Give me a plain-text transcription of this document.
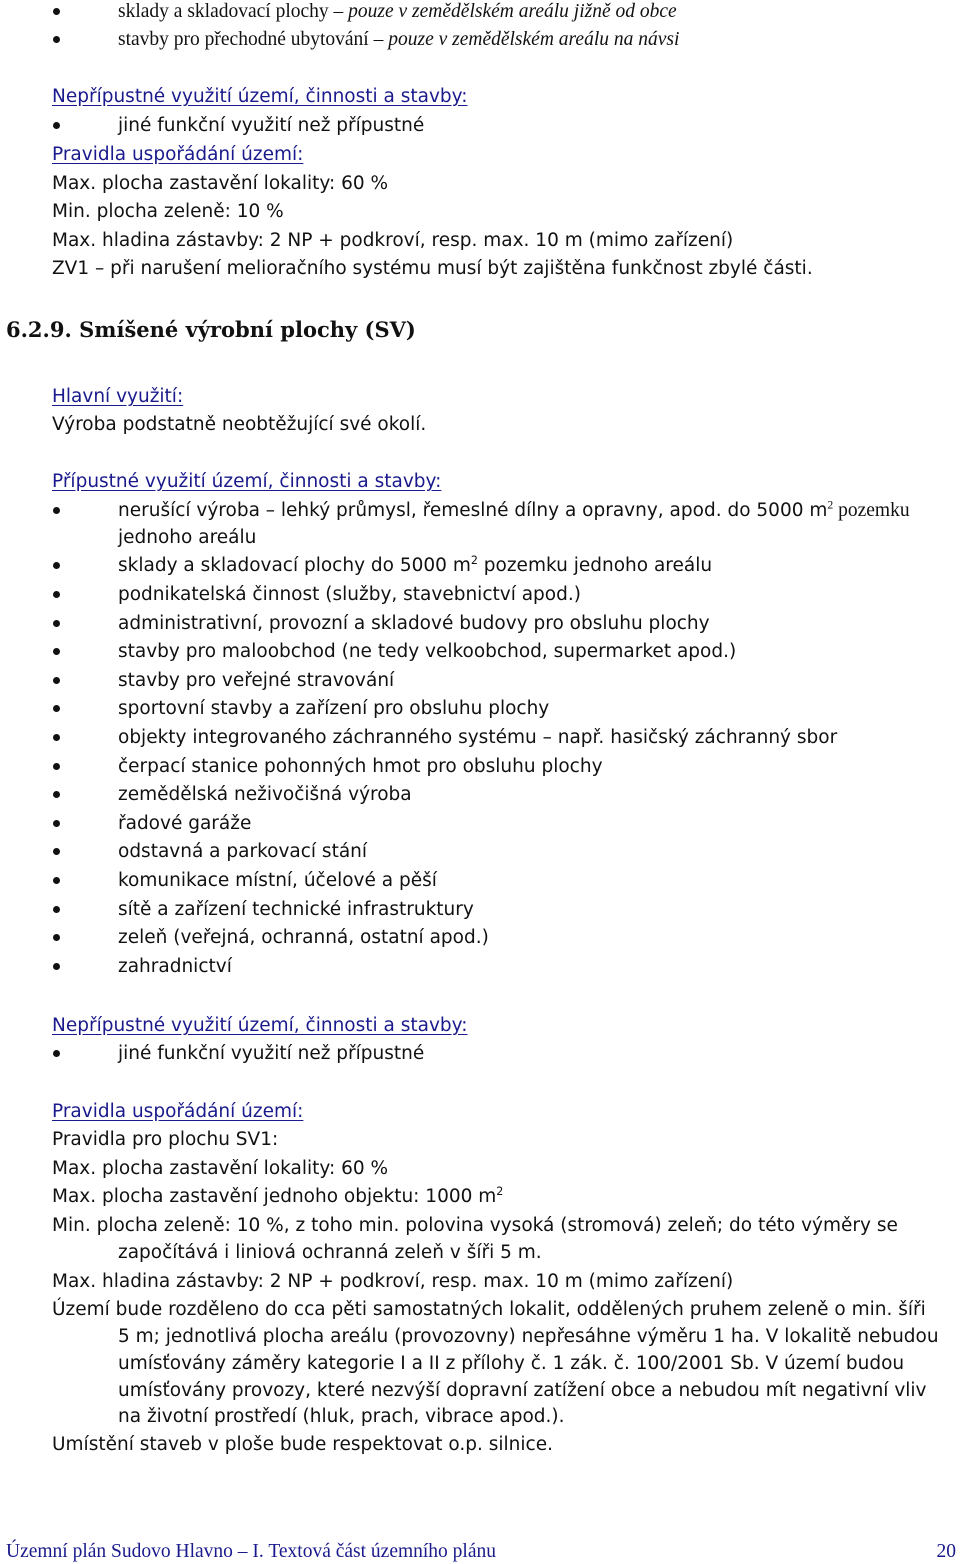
sklady a skladovací plochy – pouze v zemědělském areálu jižně od obce
stavby pro přechodné ubytování – pouze v zemědělském areálu na návsi
Nepřípustné využití území, činnosti a stavby:
jiné funkční využití než přípustné
Pravidla uspořádání území:
Max. plocha zastavění lokality: 60 %
Min. plocha zeleně: 10 %
Max. hladina zástavby: 2 NP + podkroví, resp. max. 10 m (mimo zařízení)
ZV1 – při narušení melioračního systému musí být zajištěna funkčnost zbylé části.
6.2.9. Smíšené výrobní plochy (SV)
Hlavní využití:
Výroba podstatně neobtěžující své okolí.
Přípustné využití území, činnosti a stavby:
nerušící výroba – lehký průmysl, řemeslné dílny a opravny, apod. do 5000 $m^2$ pozemku
jednoho areálu
sklady a skladovací plochy do 5000 $m^2$ pozemku jednoho areálu
podnikatelská činnost (služby, stavebnictví apod.)
administrativní, provozní a skladové budovy pro obsluhu plochy
stavby pro maloobchod (ne tedy velkoobchod, supermarket apod.)
stavby pro veřejné stravování
sportovní stavby a zařízení pro obsluhu plochy
objekty integrovaného záchranného systému – např. hasičský záchranný sbor
čerpací stanice pohonných hmot pro obsluhu plochy
zemědělská neživočišná výroba
řadové garáže
odstavná a parkovací stání
komunikace místní, účelové a pěší
sítě a zařízení technické infrastruktury
zeleň (veřejná, ochranná, ostatní apod.)
zahradnictví
Nepřípustné využití území, činnosti a stavby:
jiné funkční využití než přípustné
Pravidla uspořádání území:
Pravidla pro plochu SV1:
Max. plocha zastavění lokality: 60 %
Max. plocha zastavění jednoho objektu: 1000 $m^2$
Min. plocha zeleně: 10 %, z toho min. polovina vysoká (stromová) zeleň; do této výměry se
započítává i liniová ochranná zeleň v šíři 5 m.
Max. hladina zástavby: 2 NP + podkroví, resp. max. 10 m (mimo zařízení)
Území bude rozděleno do cca pěti samostatných lokalit, oddělených pruhem zeleně o min. šíři
5 m; jednotlivá plocha areálu (provozovny) nepřesáhne výměru 1 ha. V lokalitě nebudou
umísťovány záměry kategorie I a II z přílohy č. 1 zák. č. 100/2001 Sb. V území budou
umísťovány provozy, které nezvýší dopravní zatížení obce a nebudou mít negativní vliv
na životní prostředí (hluk, prach, vibrace apod.).
Umístění staveb v ploše bude respektovat o.p. silnice.
Územní plán Sudovo Hlavno – I. Textová část územního plánu	20
